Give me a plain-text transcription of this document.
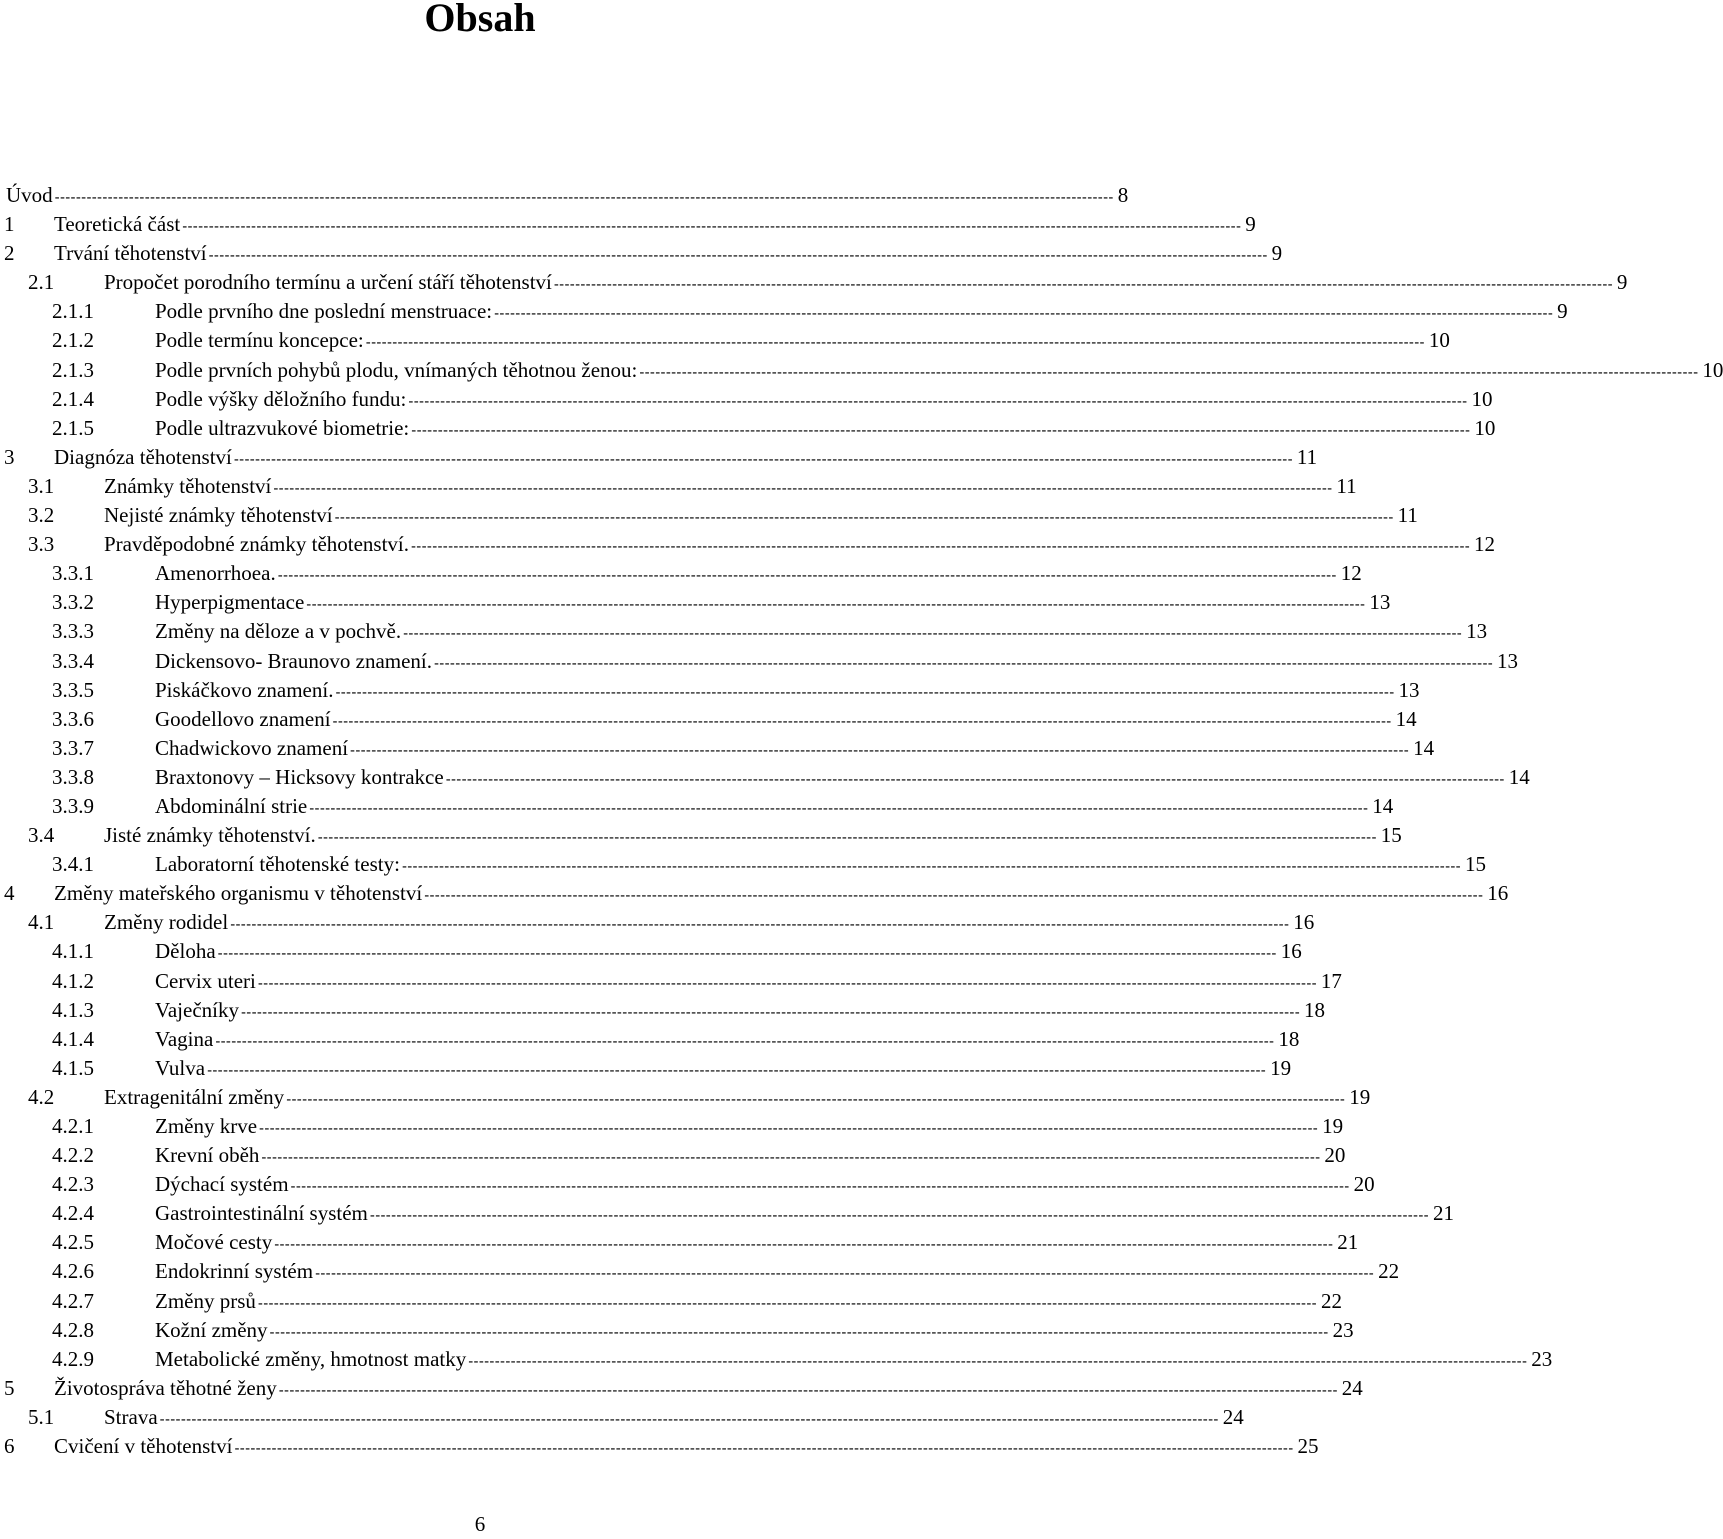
Obsah
Úvod -------------------------------------------------------------------------------------------------------------------------------------------------------------------------------------------------------- 8
1 Teoretická část -------------------------------------------------------------------------------------------------------------------------------------------------------------------------------------------------------- 9
2 Trvání těhotenství -------------------------------------------------------------------------------------------------------------------------------------------------------------------------------------------------------- 9
2.1 Propočet porodního termínu a určení stáří těhotenství -------------------------------------------------------------------------------------------------------------------------------------------------------------------------------------------------------- 9
2.1.1	Podle prvního dne poslední menstruace: -------------------------------------------------------------------------------------------------------------------------------------------------------------------------------------------------------- 9
2.1.2	Podle termínu koncepce: -------------------------------------------------------------------------------------------------------------------------------------------------------------------------------------------------------- 10
2.1.3	Podle prvních pohybů plodu, vnímaných těhotnou ženou: -------------------------------------------------------------------------------------------------------------------------------------------------------------------------------------------------------- 10
2.1.4	Podle výšky děložního fundu: -------------------------------------------------------------------------------------------------------------------------------------------------------------------------------------------------------- 10
2.1.5	Podle ultrazvukové biometrie: -------------------------------------------------------------------------------------------------------------------------------------------------------------------------------------------------------- 10
3 Diagnóza těhotenství -------------------------------------------------------------------------------------------------------------------------------------------------------------------------------------------------------- 11
3.1 Známky těhotenství -------------------------------------------------------------------------------------------------------------------------------------------------------------------------------------------------------- 11
3.2 Nejisté známky těhotenství -------------------------------------------------------------------------------------------------------------------------------------------------------------------------------------------------------- 11
3.3 Pravděpodobné známky těhotenství. -------------------------------------------------------------------------------------------------------------------------------------------------------------------------------------------------------- 12
3.3.1	Amenorrhoea. -------------------------------------------------------------------------------------------------------------------------------------------------------------------------------------------------------- 12
3.3.2	Hyperpigmentace -------------------------------------------------------------------------------------------------------------------------------------------------------------------------------------------------------- 13
3.3.3	Změny na děloze a v pochvě. -------------------------------------------------------------------------------------------------------------------------------------------------------------------------------------------------------- 13
3.3.4	Dickensovo- Braunovo znamení. -------------------------------------------------------------------------------------------------------------------------------------------------------------------------------------------------------- 13
3.3.5	Piskáčkovo znamení. -------------------------------------------------------------------------------------------------------------------------------------------------------------------------------------------------------- 13
3.3.6	Goodellovo znamení -------------------------------------------------------------------------------------------------------------------------------------------------------------------------------------------------------- 14
3.3.7	Chadwickovo znamení -------------------------------------------------------------------------------------------------------------------------------------------------------------------------------------------------------- 14
3.3.8	Braxtonovy – Hicksovy kontrakce -------------------------------------------------------------------------------------------------------------------------------------------------------------------------------------------------------- 14
3.3.9	Abdominální strie -------------------------------------------------------------------------------------------------------------------------------------------------------------------------------------------------------- 14
3.4 Jisté známky těhotenství. -------------------------------------------------------------------------------------------------------------------------------------------------------------------------------------------------------- 15
3.4.1	Laboratorní těhotenské testy: -------------------------------------------------------------------------------------------------------------------------------------------------------------------------------------------------------- 15
4 Změny mateřského organismu v těhotenství -------------------------------------------------------------------------------------------------------------------------------------------------------------------------------------------------------- 16
4.1 Změny rodidel -------------------------------------------------------------------------------------------------------------------------------------------------------------------------------------------------------- 16
4.1.1	Děloha -------------------------------------------------------------------------------------------------------------------------------------------------------------------------------------------------------- 16
4.1.2	Cervix uteri -------------------------------------------------------------------------------------------------------------------------------------------------------------------------------------------------------- 17
4.1.3	Vaječníky -------------------------------------------------------------------------------------------------------------------------------------------------------------------------------------------------------- 18
4.1.4	Vagina -------------------------------------------------------------------------------------------------------------------------------------------------------------------------------------------------------- 18
4.1.5	Vulva -------------------------------------------------------------------------------------------------------------------------------------------------------------------------------------------------------- 19
4.2 Extragenitální změny -------------------------------------------------------------------------------------------------------------------------------------------------------------------------------------------------------- 19
4.2.1	Změny krve -------------------------------------------------------------------------------------------------------------------------------------------------------------------------------------------------------- 19
4.2.2	Krevní oběh -------------------------------------------------------------------------------------------------------------------------------------------------------------------------------------------------------- 20
4.2.3	Dýchací systém -------------------------------------------------------------------------------------------------------------------------------------------------------------------------------------------------------- 20
4.2.4	Gastrointestinální systém -------------------------------------------------------------------------------------------------------------------------------------------------------------------------------------------------------- 21
4.2.5	Močové cesty -------------------------------------------------------------------------------------------------------------------------------------------------------------------------------------------------------- 21
4.2.6	Endokrinní systém -------------------------------------------------------------------------------------------------------------------------------------------------------------------------------------------------------- 22
4.2.7	Změny prsů -------------------------------------------------------------------------------------------------------------------------------------------------------------------------------------------------------- 22
4.2.8	Kožní změny -------------------------------------------------------------------------------------------------------------------------------------------------------------------------------------------------------- 23
4.2.9	Metabolické změny, hmotnost matky -------------------------------------------------------------------------------------------------------------------------------------------------------------------------------------------------------- 23
5 Životospráva těhotné ženy -------------------------------------------------------------------------------------------------------------------------------------------------------------------------------------------------------- 24
5.1 Strava -------------------------------------------------------------------------------------------------------------------------------------------------------------------------------------------------------- 24
6 Cvičení v těhotenství -------------------------------------------------------------------------------------------------------------------------------------------------------------------------------------------------------- 25
6
